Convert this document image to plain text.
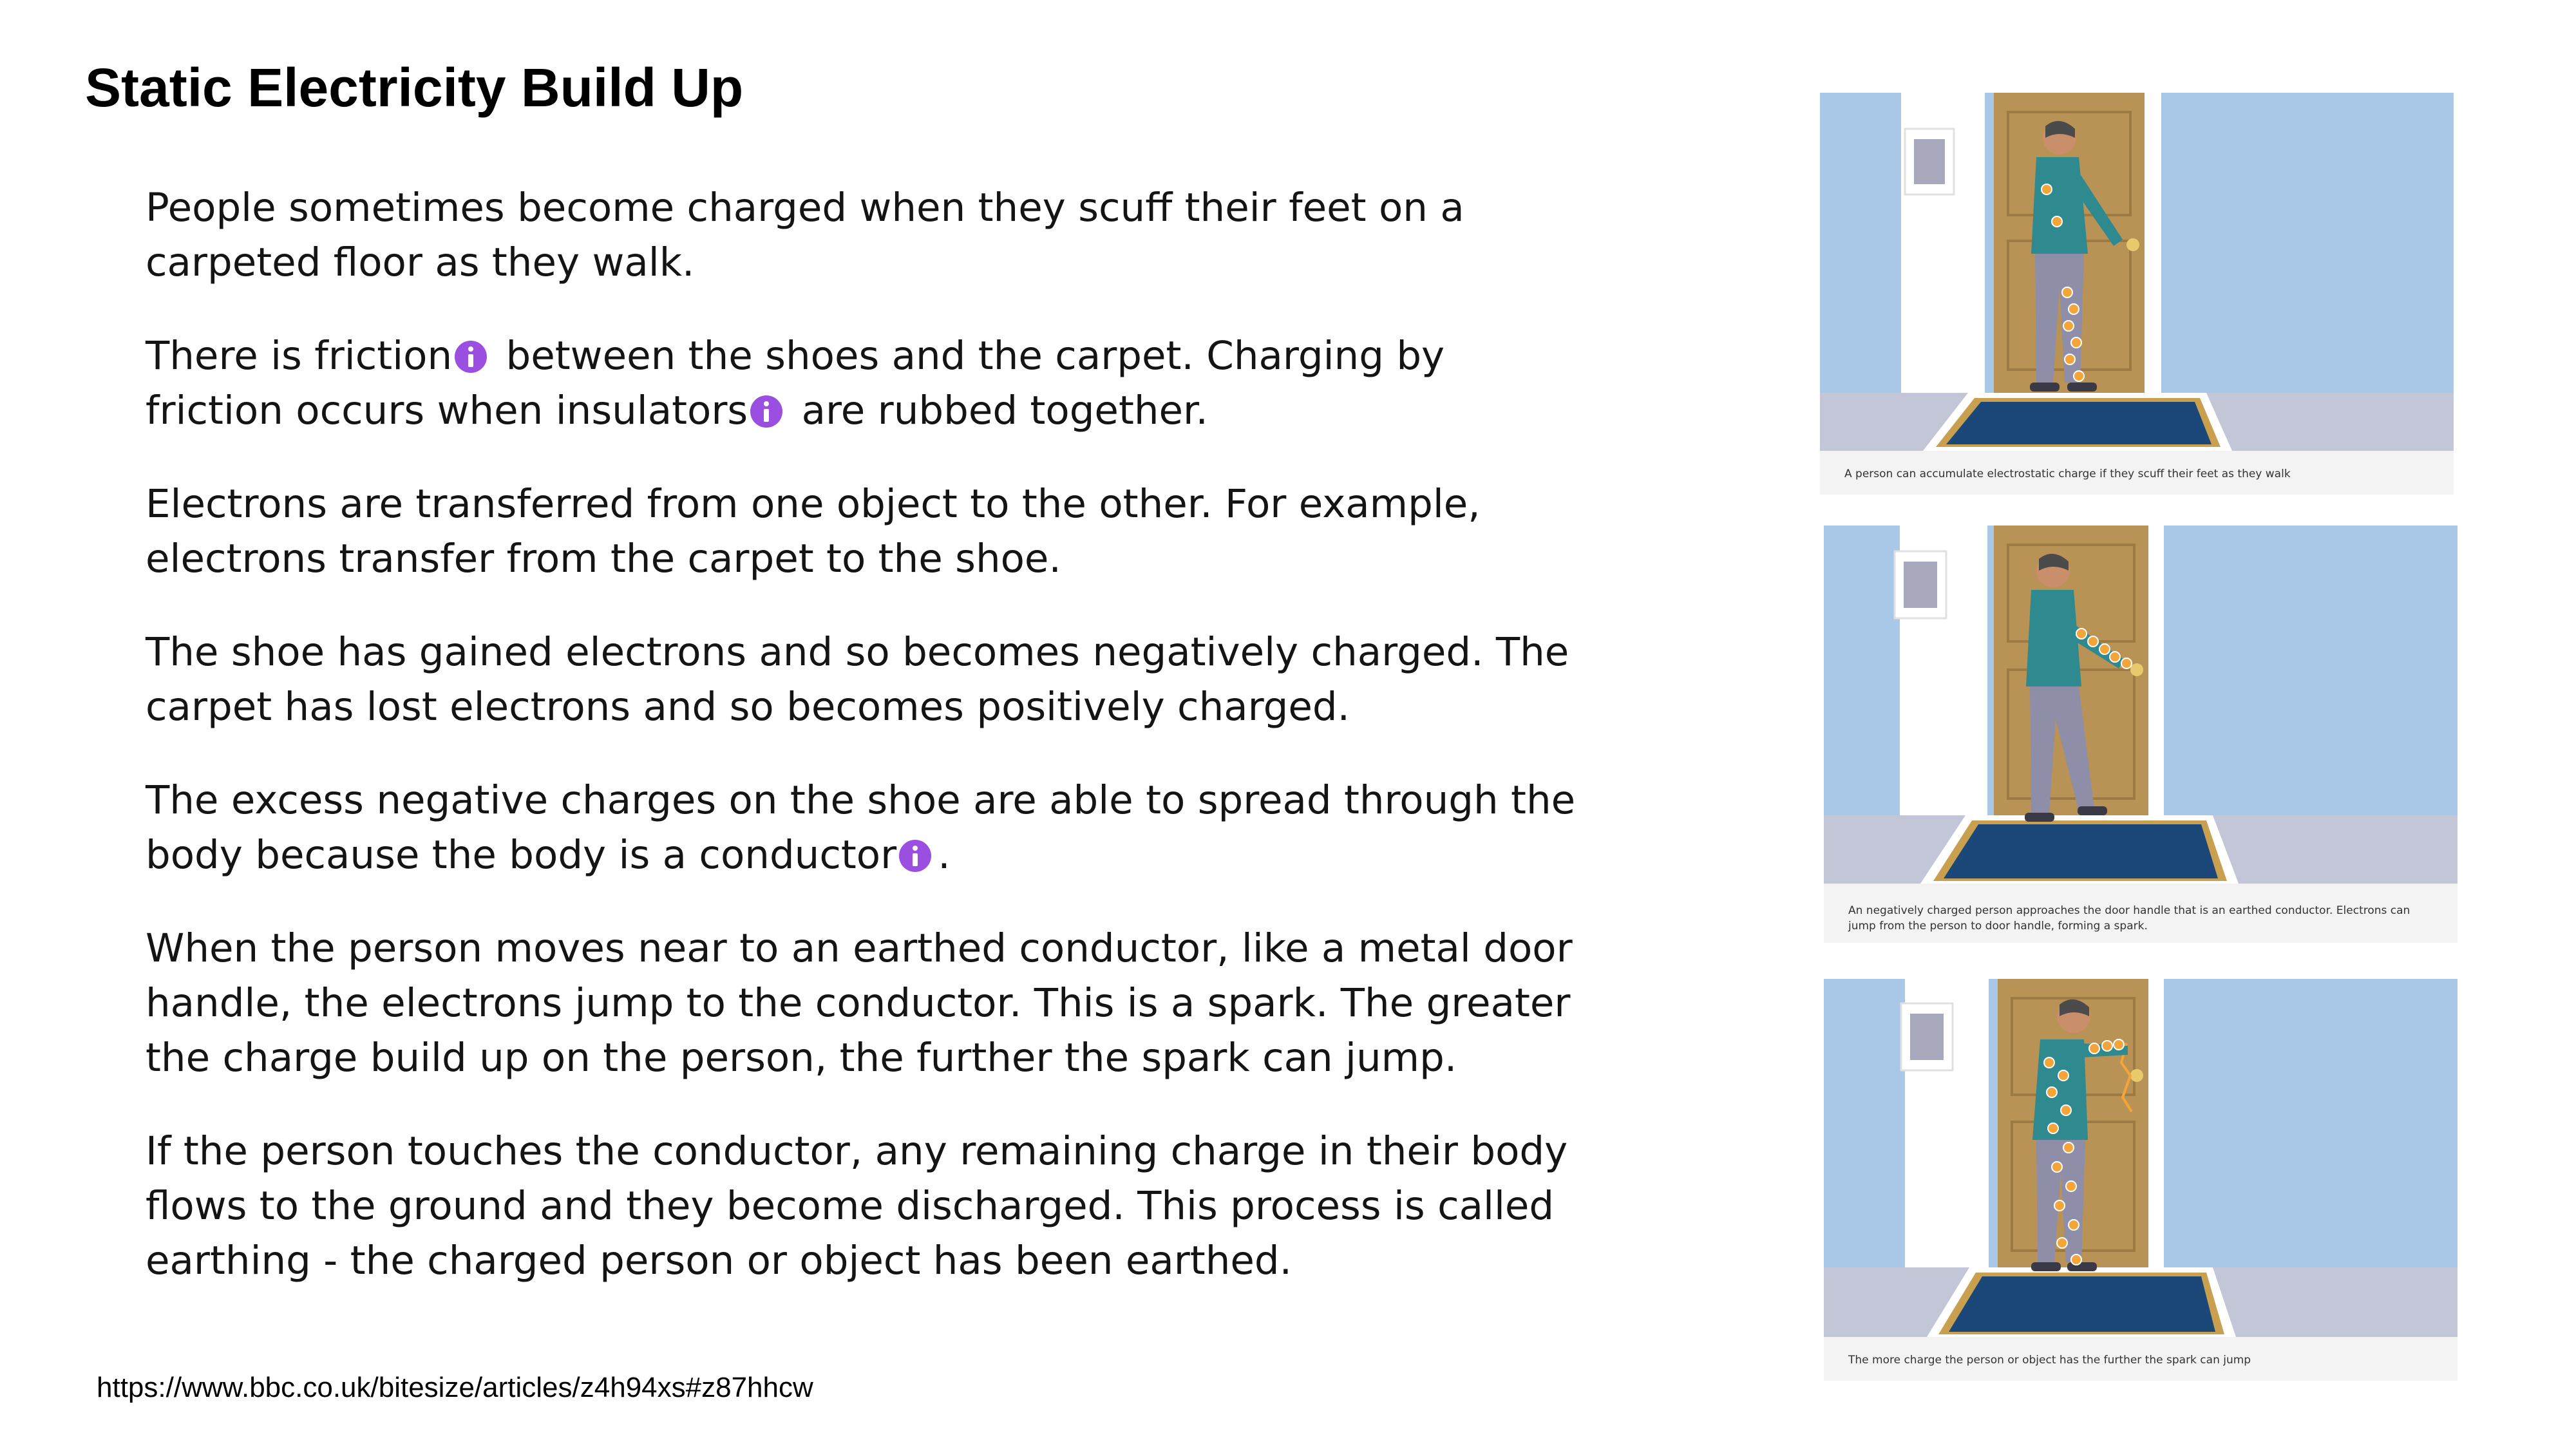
Static Electricity Build Up

People sometimes become charged when they scuff their feet on a carpeted floor as they walk.

There is friction between the shoes and the carpet. Charging by friction occurs when insulators are rubbed together.

Electrons are transferred from one object to the other. For example, electrons transfer from the carpet to the shoe.

The shoe has gained electrons and so becomes negatively charged. The carpet has lost electrons and so becomes positively charged.

The excess negative charges on the shoe are able to spread through the body because the body is a conductor .

When the person moves near to an earthed conductor, like a metal door handle, the electrons jump to the conductor. This is a spark. The greater the charge build up on the person, the further the spark can jump.

If the person touches the conductor, any remaining charge in their body flows to the ground and they become discharged. This process is called earthing - the charged person or object has been earthed.

https://www.bbc.co.uk/bitesize/articles/z4h94xs#z87hhcw
A person can accumulate electrostatic charge if they scuff their feet as they walk
An negatively charged person approaches the door handle that is an earthed conductor. Electrons can jump from the person to door handle, forming a spark.
The more charge the person or object has the further the spark can jump
